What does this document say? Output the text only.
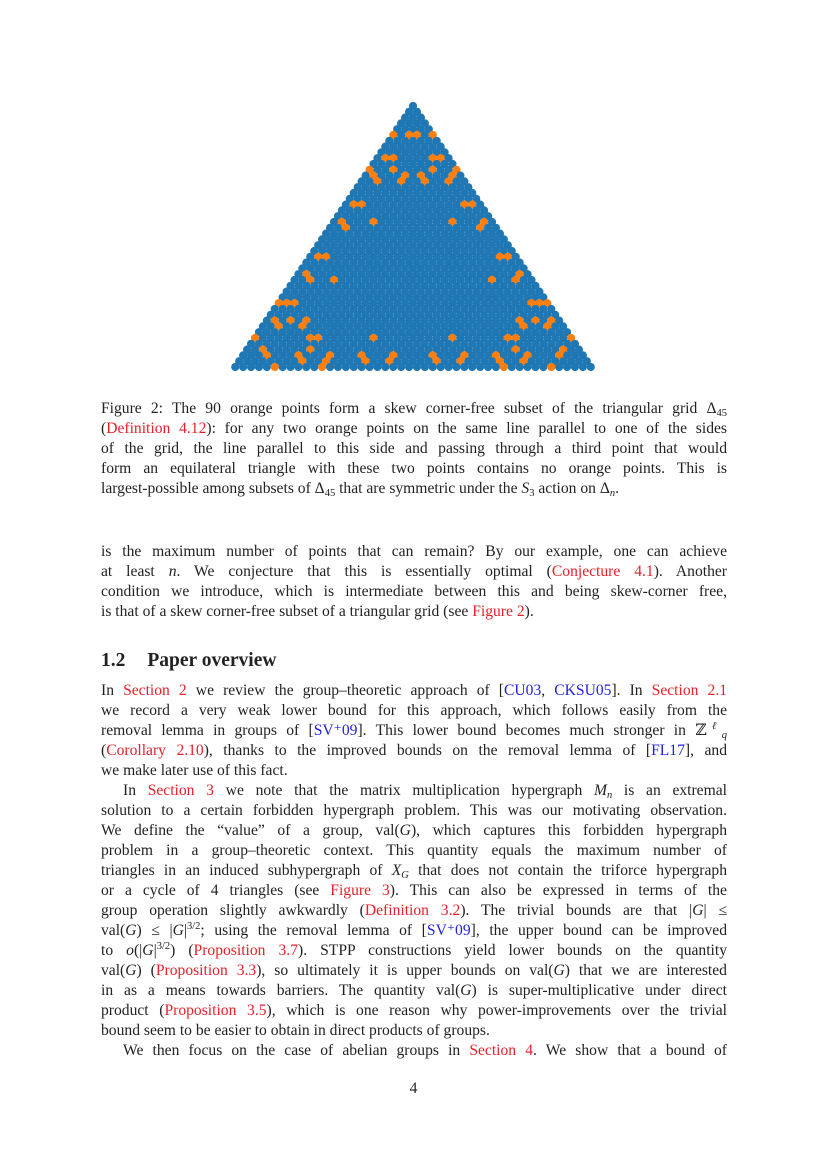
Figure 2: The 90 orange points form a skew corner-free subset of the triangular grid $\Delta_{45}$
(Definition 4.12): for any two orange points on the same line parallel to one of the sides
of the grid, the line parallel to this side and passing through a third point that would
form an equilateral triangle with these two points contains no orange points. This is
largest-possible among subsets of $\Delta_{45}$ that are symmetric under the $S_3$ action on Δn.
is the maximum number of points that can remain? By our example, one can achieve
at least n. We conjecture that this is essentially optimal (Conjecture 4.1). Another
condition we introduce, which is intermediate between this and being skew-corner free,
is that of a skew corner-free subset of a triangular grid (see Figure 2).
1.2 Paper overview
In Section 2 we review the group–theoretic approach of [CU03, CKSU05]. In Section 2.1
we record a very weak lower bound for this approach, which follows easily from the
removal lemma in groups of [SV⁺09]. This lower bound becomes much stronger in ℤ$^\ell$q
(Corollary 2.10), thanks to the improved bounds on the removal lemma of [FL17], and
we make later use of this fact.
In Section 3 we note that the matrix multiplication hypergraph Mn is an extremal
solution to a certain forbidden hypergraph problem. This was our motivating observation.
We define the “value” of a group, val(G), which captures this forbidden hypergraph
problem in a group–theoretic context. This quantity equals the maximum number of
triangles in an induced subhypergraph of XG that does not contain the triforce hypergraph
or a cycle of 4 triangles (see Figure 3). This can also be expressed in terms of the
group operation slightly awkwardly (Definition 3.2). The trivial bounds are that |G| ≤
$val(G) \le |G|^{3/2}$; using the removal lemma of [SV⁺09], the upper bound can be improved
to $o(|G|^{3/2})$ (Proposition 3.7). STPP constructions yield lower bounds on the quantity
val(G) (Proposition 3.3), so ultimately it is upper bounds on val(G) that we are interested
in as a means towards barriers. The quantity val(G) is super-multiplicative under direct
product (Proposition 3.5), which is one reason why power-improvements over the trivial
bound seem to be easier to obtain in direct products of groups.
We then focus on the case of abelian groups in Section 4. We show that a bound of
4
